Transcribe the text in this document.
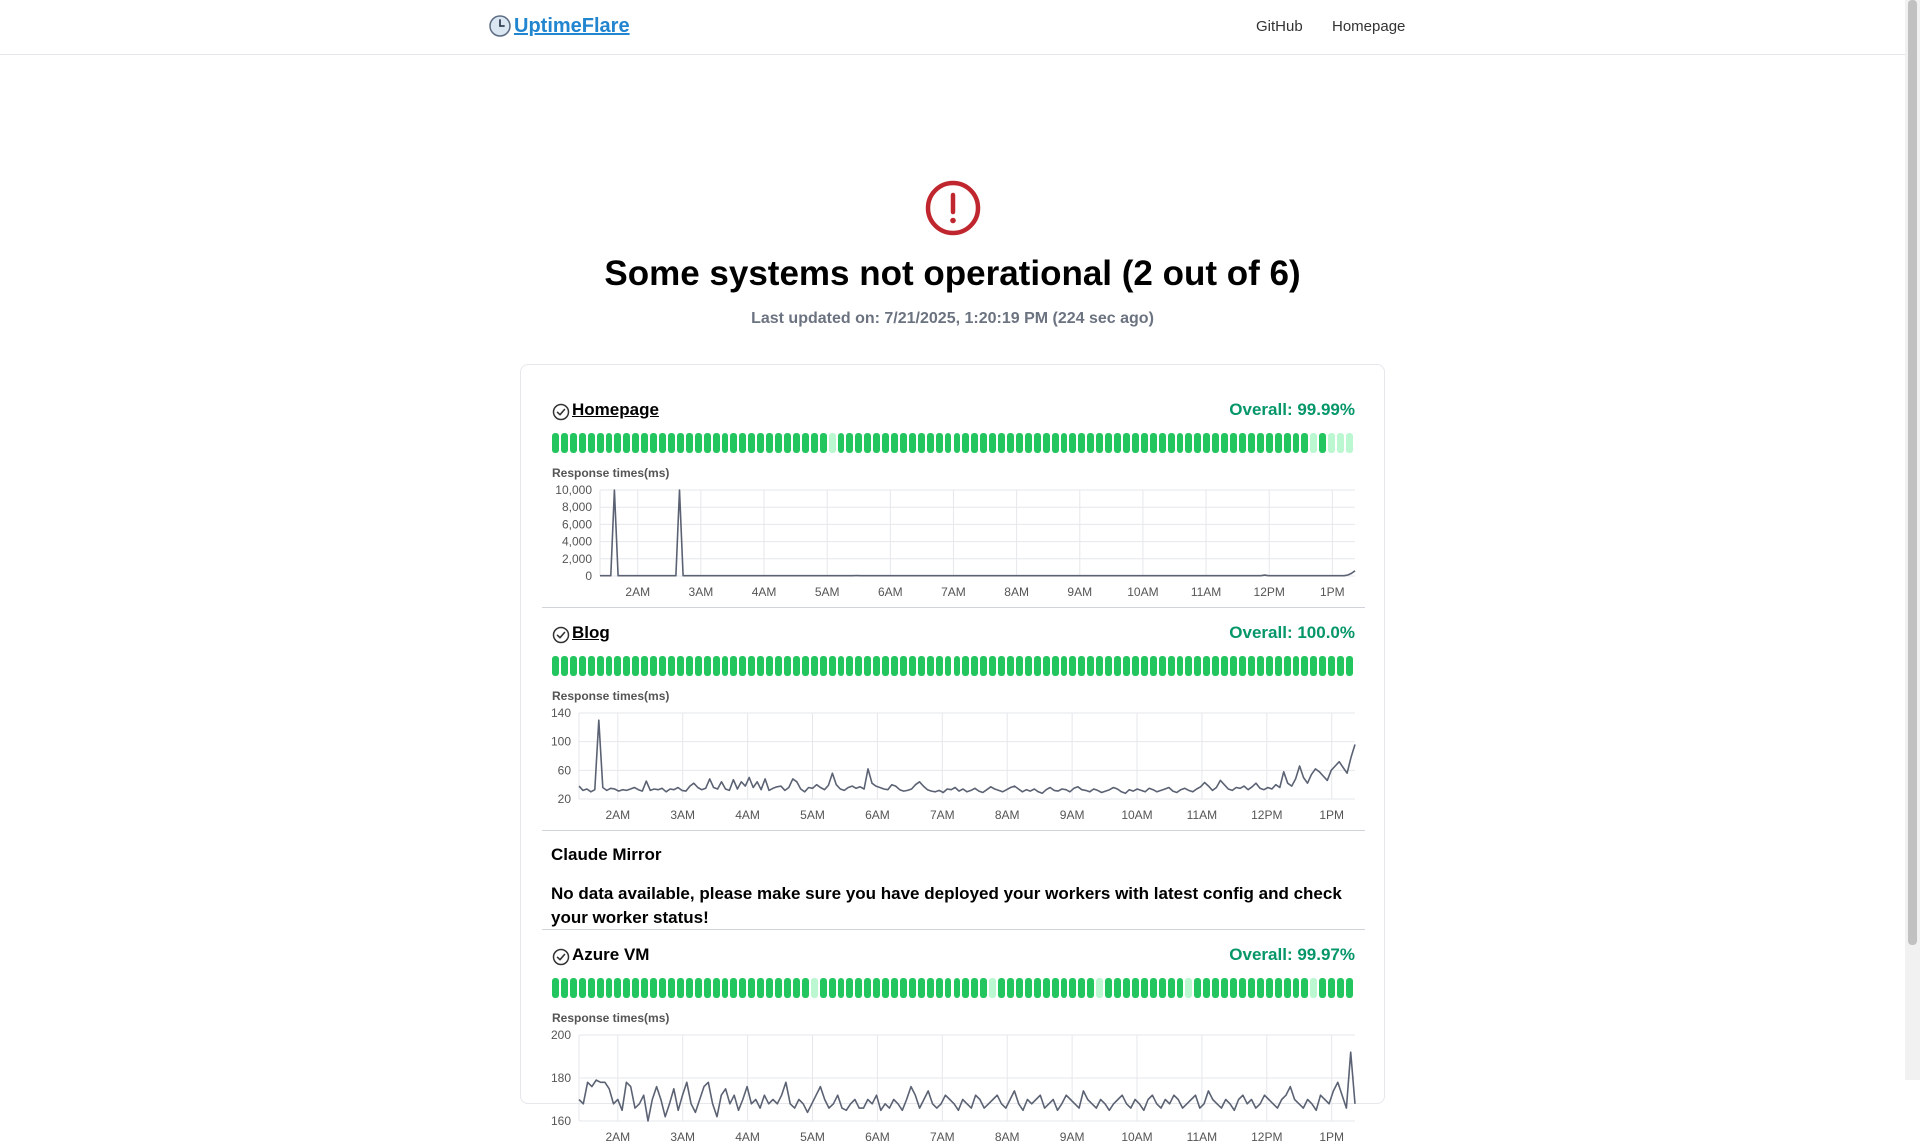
UptimeFlare	GitHub Homepage
Some systems not operational (2 out of 6)
Last updated on: 7/21/2025, 1:20:19 PM (224 sec ago)
Homepage	Overall: 99.99%
Response times(ms)
10,000
8,000
6,000
4,000
2,000
0
2AM	3AM	4AM	5AM	6AM	7AM	8AM	9AM	10AM	11AM	12PM	1PM
Blog	Overall: 100.0%
Response times(ms)
140
100
60
20
2AM	3AM	4AM	5AM	6AM	7AM	8AM	9AM	10AM	11AM	12PM	1PM
Claude Mirror
No data available, please make sure you have deployed your workers with latest config and check your worker status!
Azure VM	Overall: 99.97%
Response times(ms)
200
180
160
2AM	3AM	4AM	5AM	6AM	7AM	8AM	9AM	10AM	11AM	12PM	1PM
